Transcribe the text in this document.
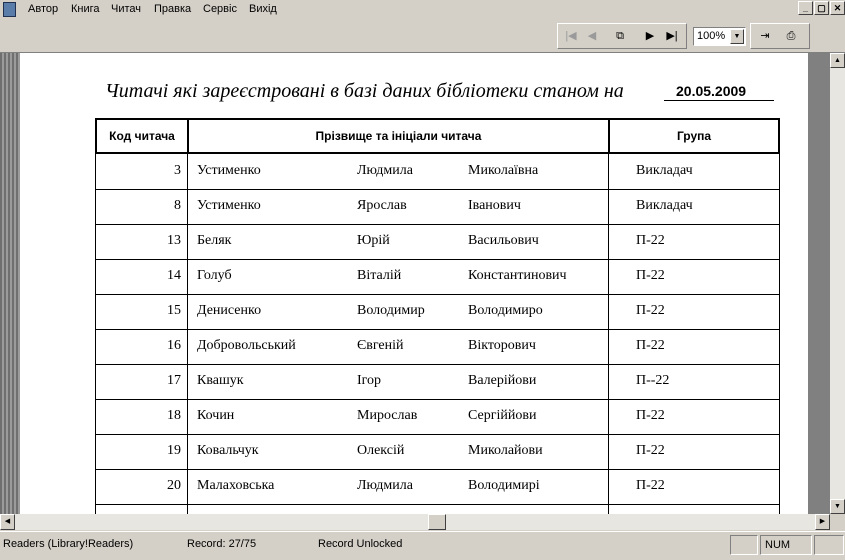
Автор Книга Читач Правка Сервіс Вихід	_	▢ ✕
|◀	◀	⧉	▶	▶|	⇥	⎙
100%	▼
Читачі які зареєстровані в базі даних бібліотеки станом на	20.05.2009
Код читача	Прізвище та ініціали читача	Група
3 Устименко	Людмила	Миколаївна	Викладач
8 Устименко	Ярослав	Іванович	Викладач
13 Беляк	Юрій	Васильович	П-22
14 Голуб	Віталій	Константинович	П-22
15 Денисенко	Володимир	Володимиро	П-22
16 Добровольський	Євгеній	Вікторович	П-22
17 Квашук	Ігор	Валерійови	П--22
18 Кочин	Мирослав	Сергіййови	П-22
19 Ковальчук	Олексій	Миколайови	П-22
20 Малаховська	Людмила	Володимирі	П-22
▲
▼
◀	▶
Readers (Library!Readers)	Record: 27/75	Record Unlocked	NUM
